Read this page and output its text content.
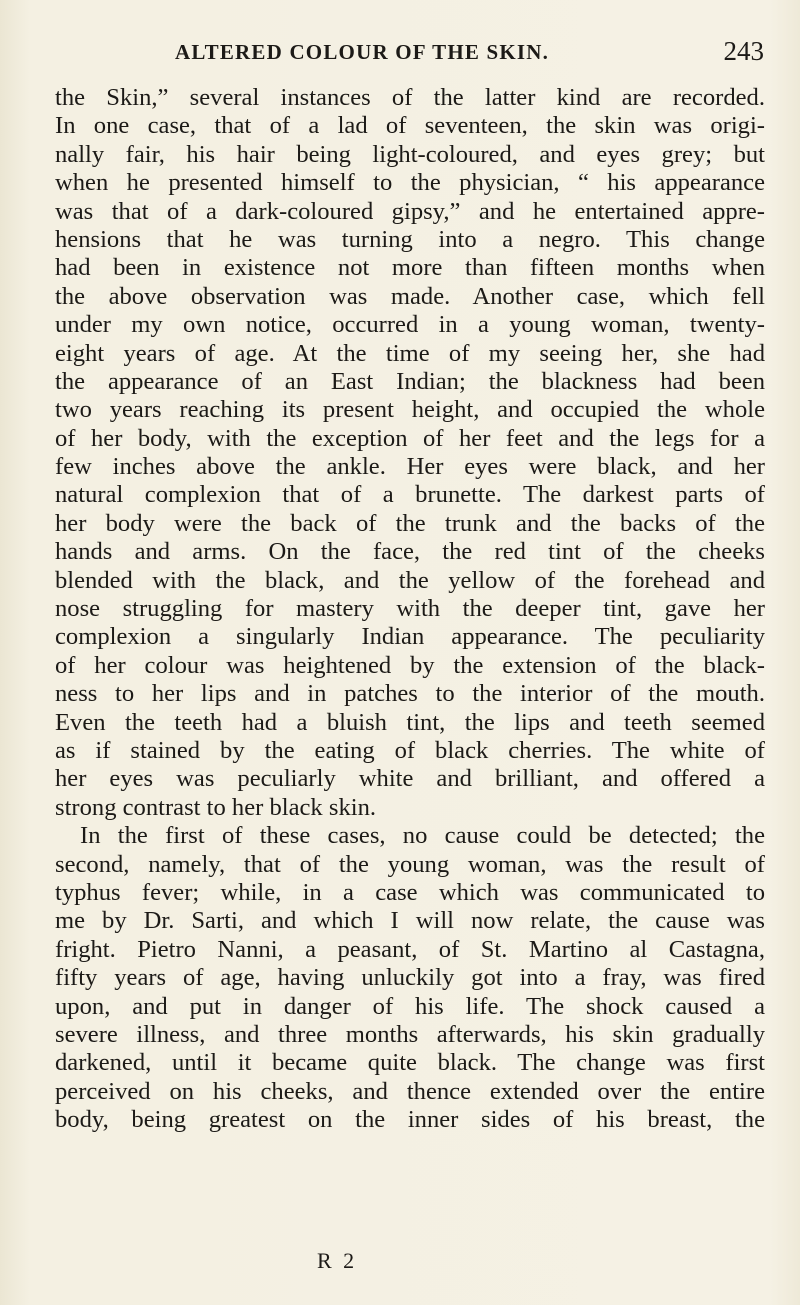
ALTERED COLOUR OF THE SKIN.	243
the Skin,” several instances of the latter kind are recorded.
In one case, that of a lad of seventeen, the skin was origi-
nally fair, his hair being light-coloured, and eyes grey; but
when he presented himself to the physician, “ his appearance
was that of a dark-coloured gipsy,” and he entertained appre-
hensions that he was turning into a negro. This change
had been in existence not more than fifteen months when
the above observation was made. Another case, which fell
under my own notice, occurred in a young woman, twenty-
eight years of age. At the time of my seeing her, she had
the appearance of an East Indian; the blackness had been
two years reaching its present height, and occupied the whole
of her body, with the exception of her feet and the legs for a
few inches above the ankle. Her eyes were black, and her
natural complexion that of a brunette. The darkest parts of
her body were the back of the trunk and the backs of the
hands and arms. On the face, the red tint of the cheeks
blended with the black, and the yellow of the forehead and
nose struggling for mastery with the deeper tint, gave her
complexion a singularly Indian appearance. The peculiarity
of her colour was heightened by the extension of the black-
ness to her lips and in patches to the interior of the mouth.
Even the teeth had a bluish tint, the lips and teeth seemed
as if stained by the eating of black cherries. The white of
her eyes was peculiarly white and brilliant, and offered a
strong contrast to her black skin.
In the first of these cases, no cause could be detected; the
second, namely, that of the young woman, was the result of
typhus fever; while, in a case which was communicated to
me by Dr. Sarti, and which I will now relate, the cause was
fright. Pietro Nanni, a peasant, of St. Martino al Castagna,
fifty years of age, having unluckily got into a fray, was fired
upon, and put in danger of his life. The shock caused a
severe illness, and three months afterwards, his skin gradually
darkened, until it became quite black. The change was first
perceived on his cheeks, and thence extended over the entire
body, being greatest on the inner sides of his breast, the
R 2
